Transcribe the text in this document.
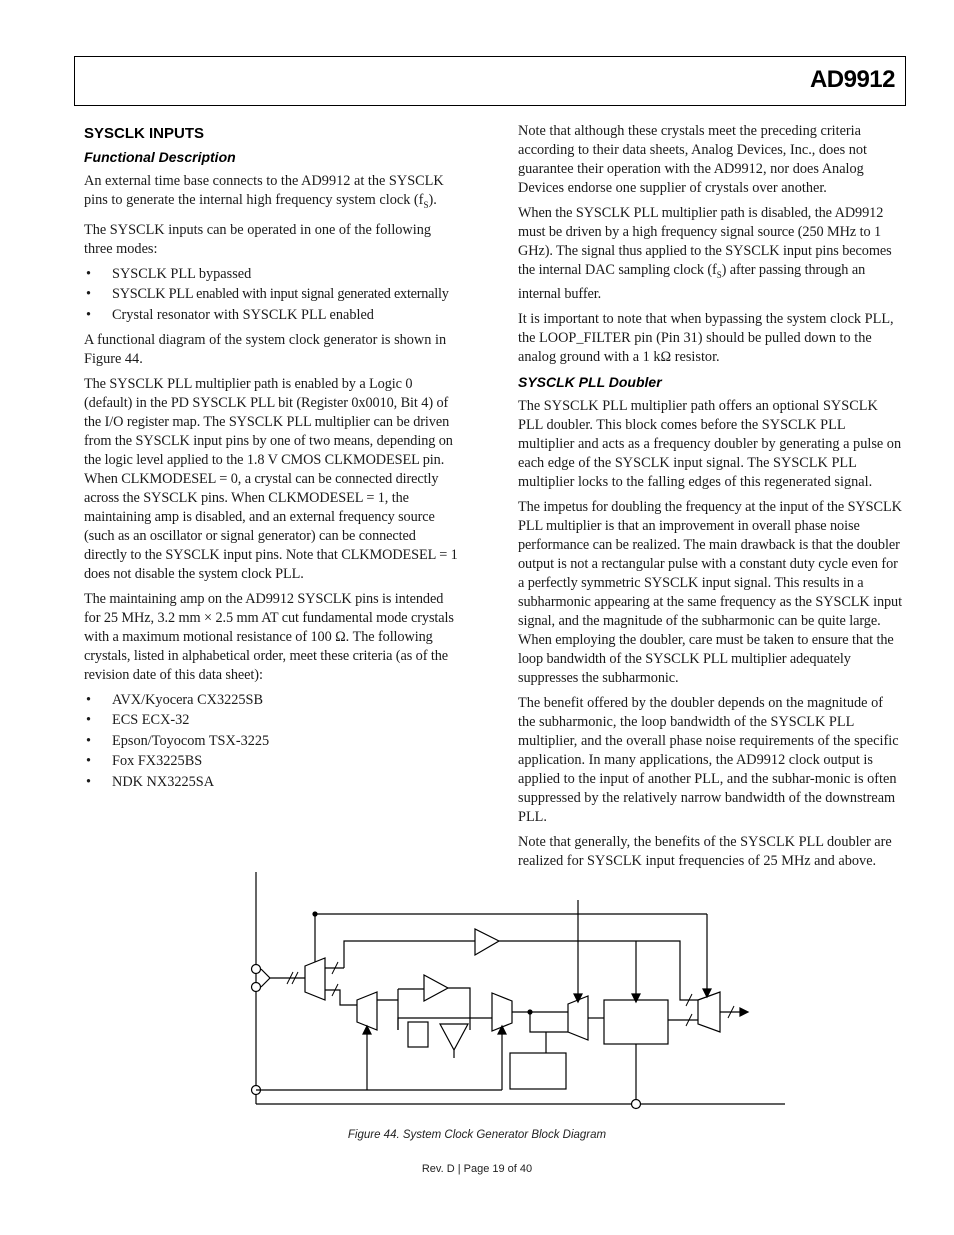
AD9912
SYSCLK INPUTS
Functional Description

An external time base connects to the AD9912 at the SYSCLK pins to generate the internal high frequency system clock $(f_S)$.

The SYSCLK inputs can be operated in one of the following three modes:

• SYSCLK PLL bypassed
• SYSCLK PLL enabled with input signal generated externally
• Crystal resonator with SYSCLK PLL enabled

A functional diagram of the system clock generator is shown in Figure 44.

The SYSCLK PLL multiplier path is enabled by a Logic 0 (default) in the PD SYSCLK PLL bit (Register 0x0010, Bit 4) of the I/O register map. The SYSCLK PLL multiplier can be driven from the SYSCLK input pins by one of two means, depending on the logic level applied to the 1.8 V CMOS CLKMODESEL pin. When CLKMODESEL = 0, a crystal can be connected directly across the SYSCLK pins. When CLKMODESEL = 1, the maintaining amp is disabled, and an external frequency source (such as an oscillator or signal generator) can be connected directly to the SYSCLK input pins. Note that CLKMODESEL = 1 does not disable the system clock PLL.

The maintaining amp on the AD9912 SYSCLK pins is intended for 25 MHz, 3.2 mm × 2.5 mm AT cut fundamental mode crystals with a maximum motional resistance of 100 Ω. The following crystals, listed in alphabetical order, meet these criteria (as of the revision date of this data sheet):

• AVX/Kyocera CX3225SB
• ECS ECX-32
• Epson/Toyocom TSX-3225
• Fox FX3225BS
• NDK NX3225SA

Note that although these crystals meet the preceding criteria according to their data sheets, Analog Devices, Inc., does not guarantee their operation with the AD9912, nor does Analog Devices endorse one supplier of crystals over another.

When the SYSCLK PLL multiplier path is disabled, the AD9912 must be driven by a high frequency signal source (250 MHz to 1 GHz). The signal thus applied to the SYSCLK input pins becomes the internal DAC sampling clock $(f_S)$ after passing through an internal buffer.

It is important to note that when bypassing the system clock PLL, the LOOP_FILTER pin (Pin 31) should be pulled down to the analog ground with a 1 kΩ resistor.

SYSCLK PLL Doubler

The SYSCLK PLL multiplier path offers an optional SYSCLK PLL doubler. This block comes before the SYSCLK PLL multiplier and acts as a frequency doubler by generating a pulse on each edge of the SYSCLK input signal. The SYSCLK PLL multiplier locks to the falling edges of this regenerated signal.

The impetus for doubling the frequency at the input of the SYSCLK PLL multiplier is that an improvement in overall phase noise performance can be realized. The main drawback is that the doubler output is not a rectangular pulse with a constant duty cycle even for a perfectly symmetric SYSCLK input signal. This results in a subharmonic appearing at the same frequency as the SYSCLK input signal, and the magnitude of the subharmonic can be quite large. When employing the doubler, care must be taken to ensure that the loop bandwidth of the SYSCLK PLL multiplier adequately suppresses the subharmonic.

The benefit offered by the doubler depends on the magnitude of the subharmonic, the loop bandwidth of the SYSCLK PLL multiplier, and the overall phase noise requirements of the specific application. In many applications, the AD9912 clock output is applied to the input of another PLL, and the subhar-monic is often suppressed by the relatively narrow bandwidth of the downstream PLL.

Note that generally, the benefits of the SYSCLK PLL doubler are realized for SYSCLK input frequencies of 25 MHz and above.

Figure 44. System Clock Generator Block Diagram
Rev. D | Page 19 of 40
